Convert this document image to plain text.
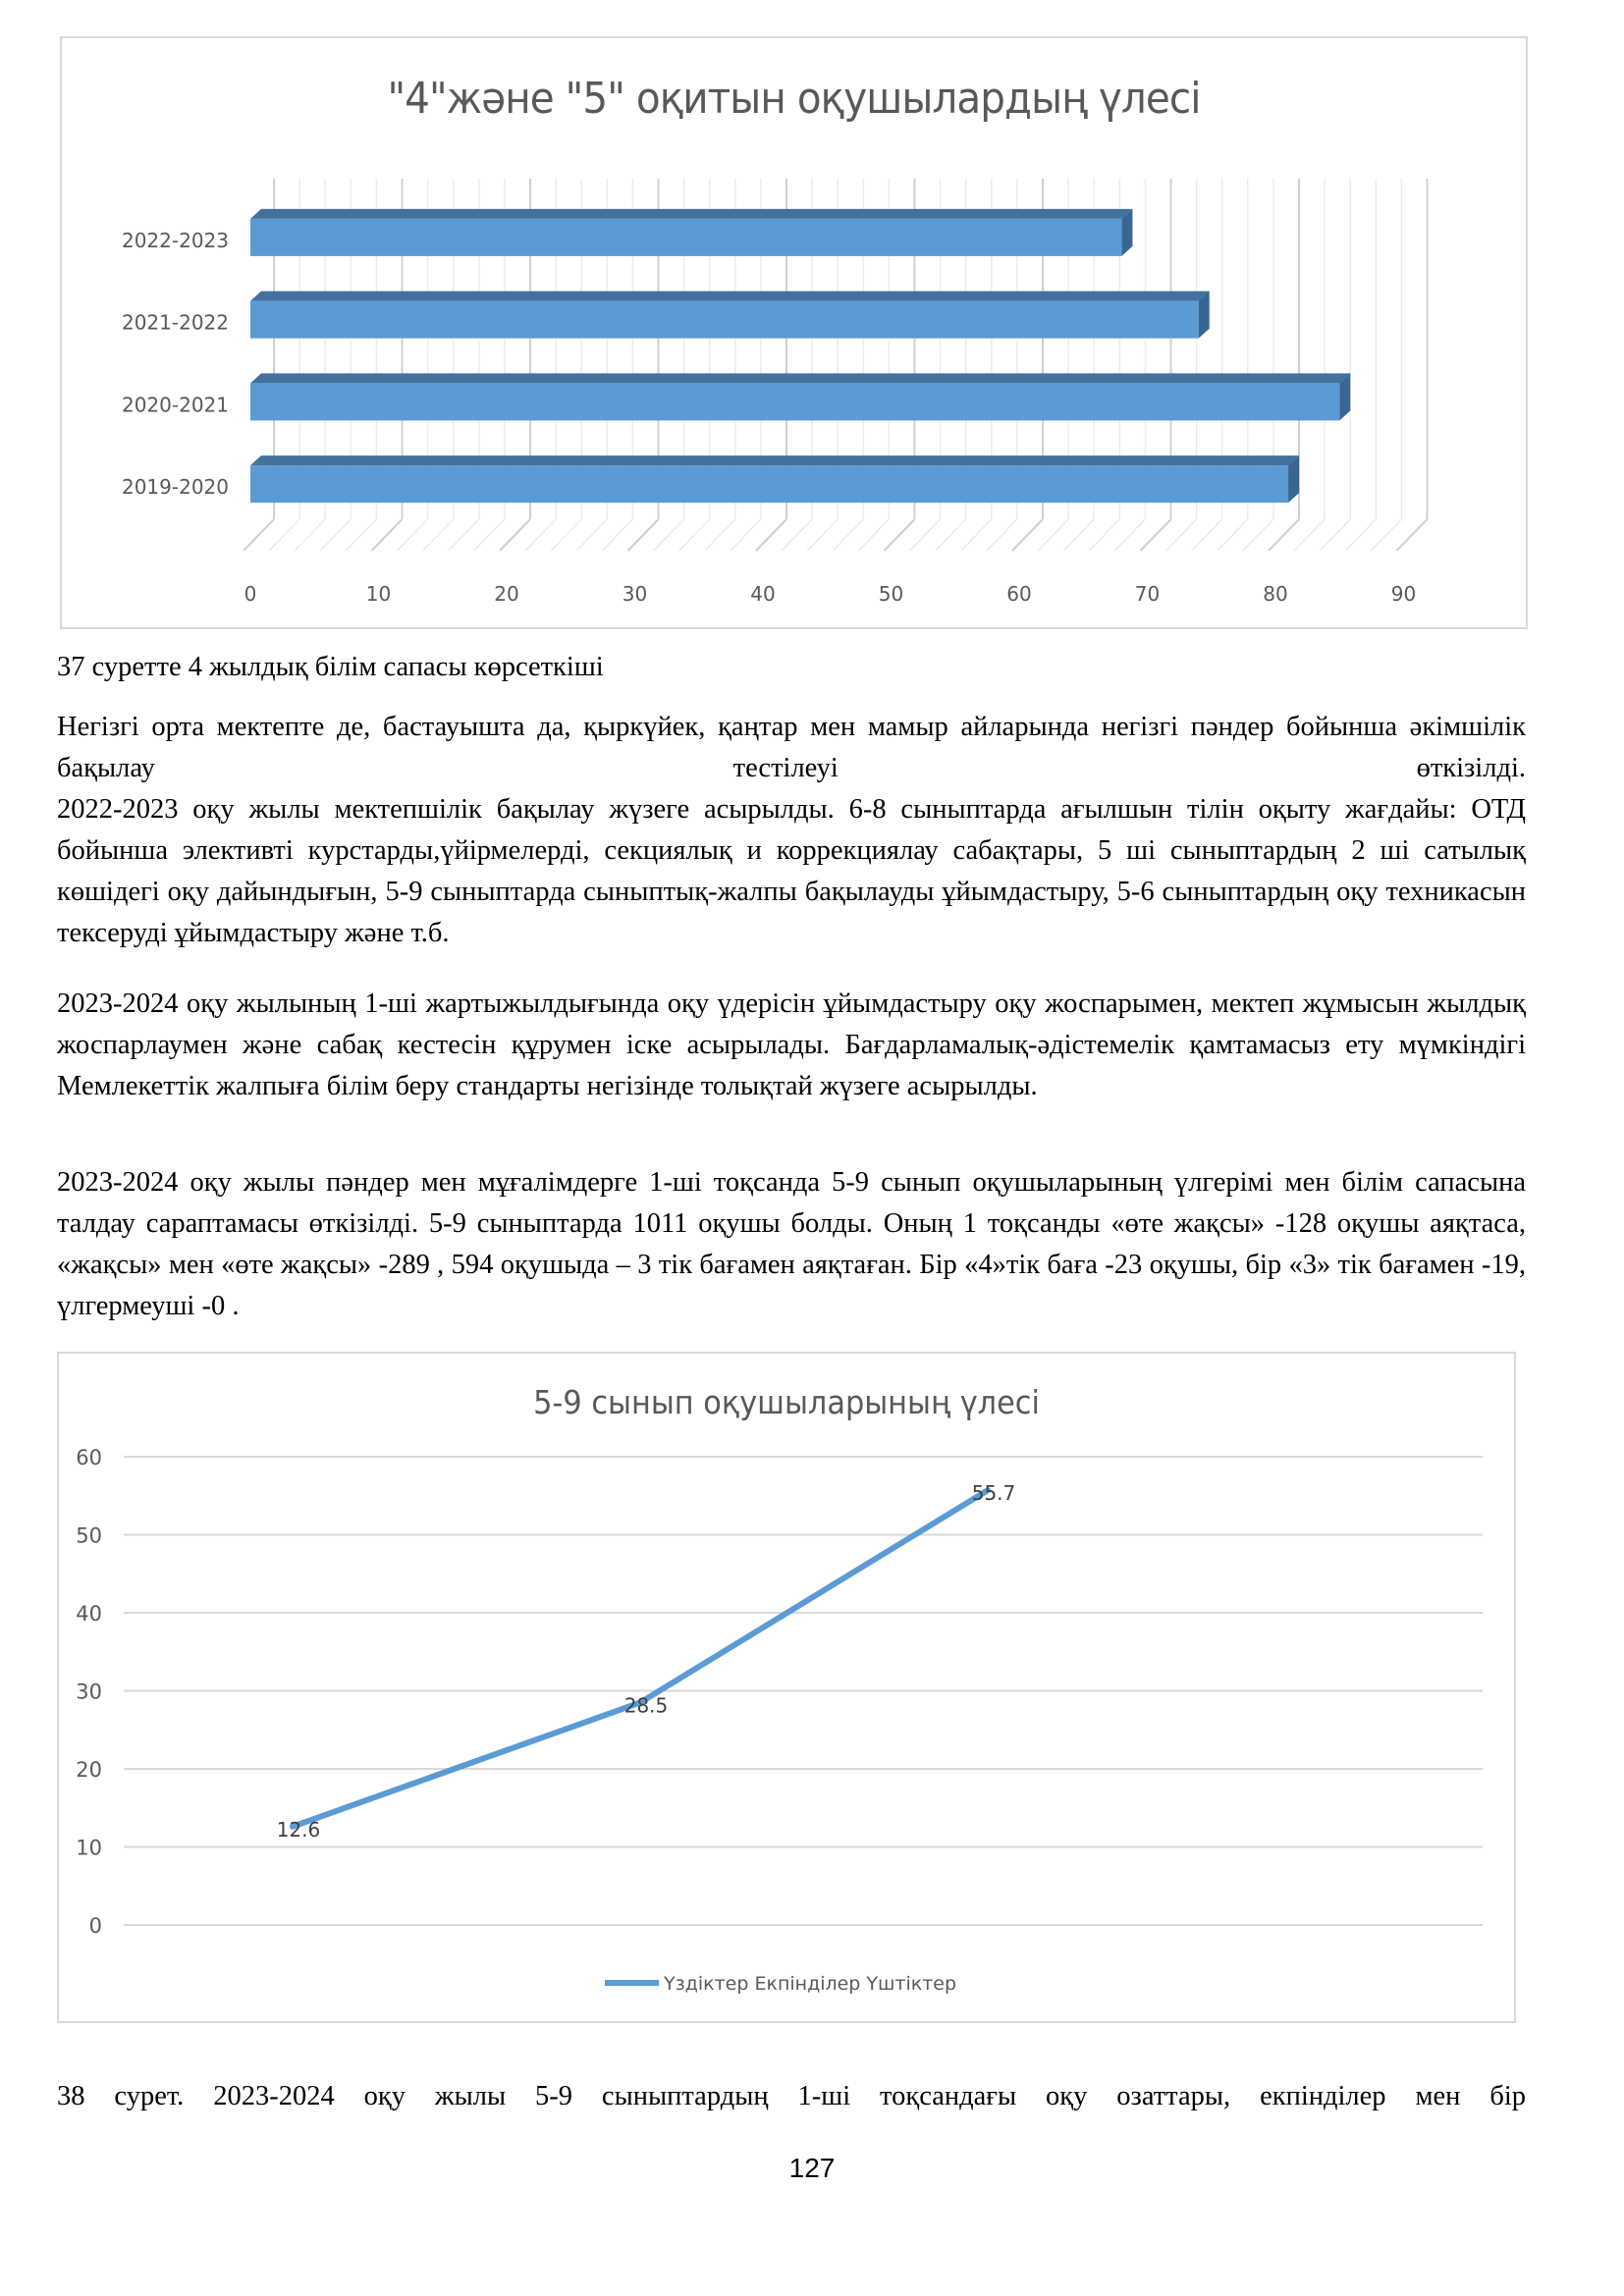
"4"және "5" оқитын оқушылардың үлесі
0	10	20	30	40	50	60	70	80	90
2019-2020
2020-2021
2021-2022
2022-2023
37 суретте 4 жылдық білім сапасы көрсеткіші
Негізгі орта мектепте де, бастауышта да, қыркүйек, қаңтар мен мамыр айларында негізгі пәндер бойынша әкімшілік бақылау тестілеуі өткізілді.
2022-2023 оқу жылы мектепшілік бақылау жүзеге асырылды. 6-8 сыныптарда ағылшын тілін оқыту жағдайы: ОТД бойынша элективті курстарды,үйірмелерді, секциялық и коррекциялау сабақтары, 5 ші сыныптардың 2 ші сатылық көшідегі оқу дайындығын, 5-9 сыныптарда сыныптық-жалпы бақылауды ұйымдастыру, 5-6 сыныптардың оқу техникасын тексеруді ұйымдастыру және т.б.
2023-2024 оқу жылының 1-ші жартыжылдығында оқу үдерісін ұйымдастыру оқу жоспарымен, мектеп жұмысын жылдық жоспарлаумен және сабақ кестесін құрумен іске асырылады. Бағдарламалық-әдістемелік қамтамасыз ету мүмкіндігі Мемлекеттік жалпыға білім беру стандарты негізінде толықтай жүзеге асырылды.
2023-2024 оқу жылы пәндер мен мұғалімдерге 1-ші тоқсанда 5-9 сынып оқушыларының үлгерімі мен білім сапасына талдау сараптамасы өткізілді. 5-9 сыныптарда 1011 оқушы болды. Оның 1 тоқсанды «өте жақсы» -128 оқушы аяқтаса, «жақсы» мен «өте жақсы» -289 , 594 оқушыда – 3 тік бағамен аяқтаған. Бір «4»тік баға -23 оқушы, бір «3» тік бағамен -19, үлгермеуші -0 .
5-9 сынып оқушыларының үлесі
0
10
20
30
40
50
60
12.6
28.5
55.7
Үздіктер Екпінділер Үштіктер
38 сурет. 2023-2024 оқу жылы 5-9 сыныптардың 1-ші тоқсандағы оқу озаттары, екпінділер мен бір
127
